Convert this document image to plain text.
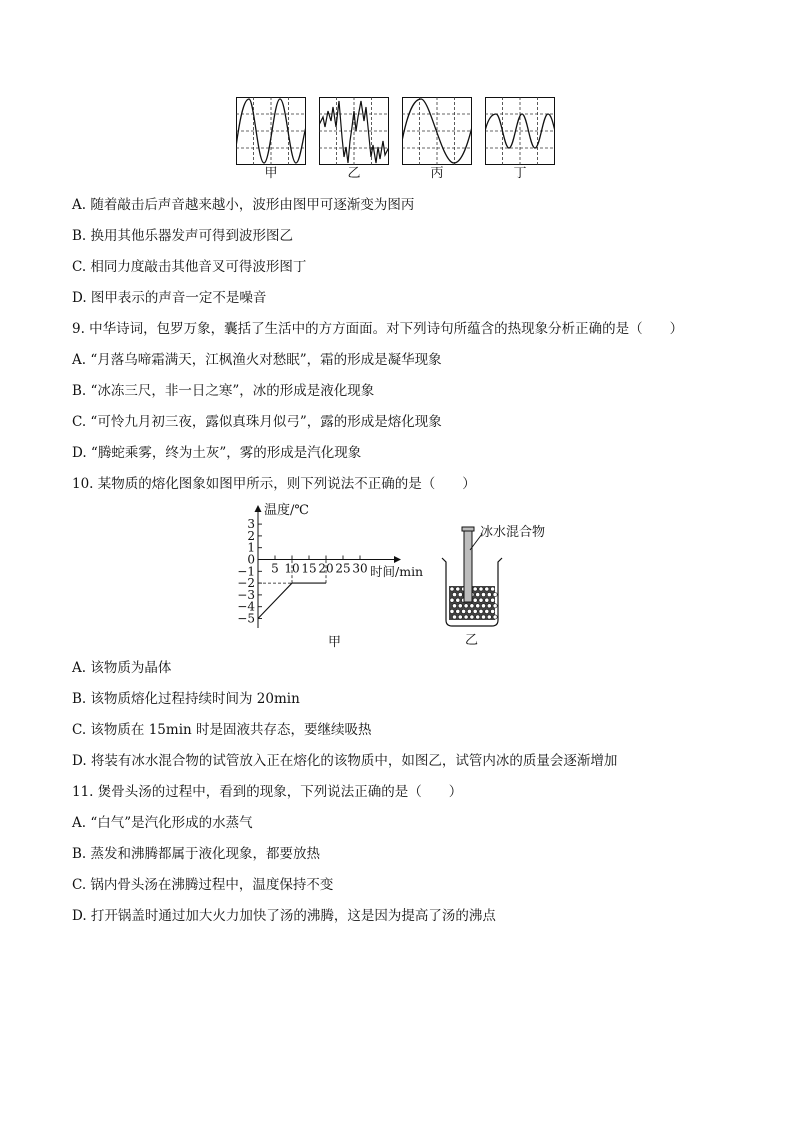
甲	乙	丙	丁
A. 随着敲击后声音越来越小，波形由图甲可逐渐变为图丙
B. 换用其他乐器发声可得到波形图乙
C. 相同力度敲击其他音叉可得波形图丁
D. 图甲表示的声音一定不是噪音
9. 中华诗词，包罗万象，囊括了生活中的方方面面。对下列诗句所蕴含的热现象分析正确的是（　　）
A. “月落乌啼霜满天，江枫渔火对愁眠”，霜的形成是凝华现象
B. “冰冻三尺，非一日之寒”，冰的形成是液化现象
C. “可怜九月初三夜，露似真珠月似弓”，露的形成是熔化现象
D. “腾蛇乘雾，终为土灰”，雾的形成是汽化现象
10. 某物质的熔化图象如图甲所示，则下列说法不正确的是（　　）
温度/℃
时间/min
3
2
1
0
−1
−2
−3
−4
−5
5 10 15 20 25 30
甲
冰水混合物
乙
A. 该物质为晶体
B. 该物质熔化过程持续时间为 20min
C. 该物质在 15min 时是固液共存态，要继续吸热
D. 将装有冰水混合物的试管放入正在熔化的该物质中，如图乙，试管内冰的质量会逐渐增加
11. 煲骨头汤的过程中，看到的现象，下列说法正确的是（　　）
A. “白气”是汽化形成的水蒸气
B. 蒸发和沸腾都属于液化现象，都要放热
C. 锅内骨头汤在沸腾过程中，温度保持不变
D. 打开锅盖时通过加大火力加快了汤的沸腾，这是因为提高了汤的沸点
